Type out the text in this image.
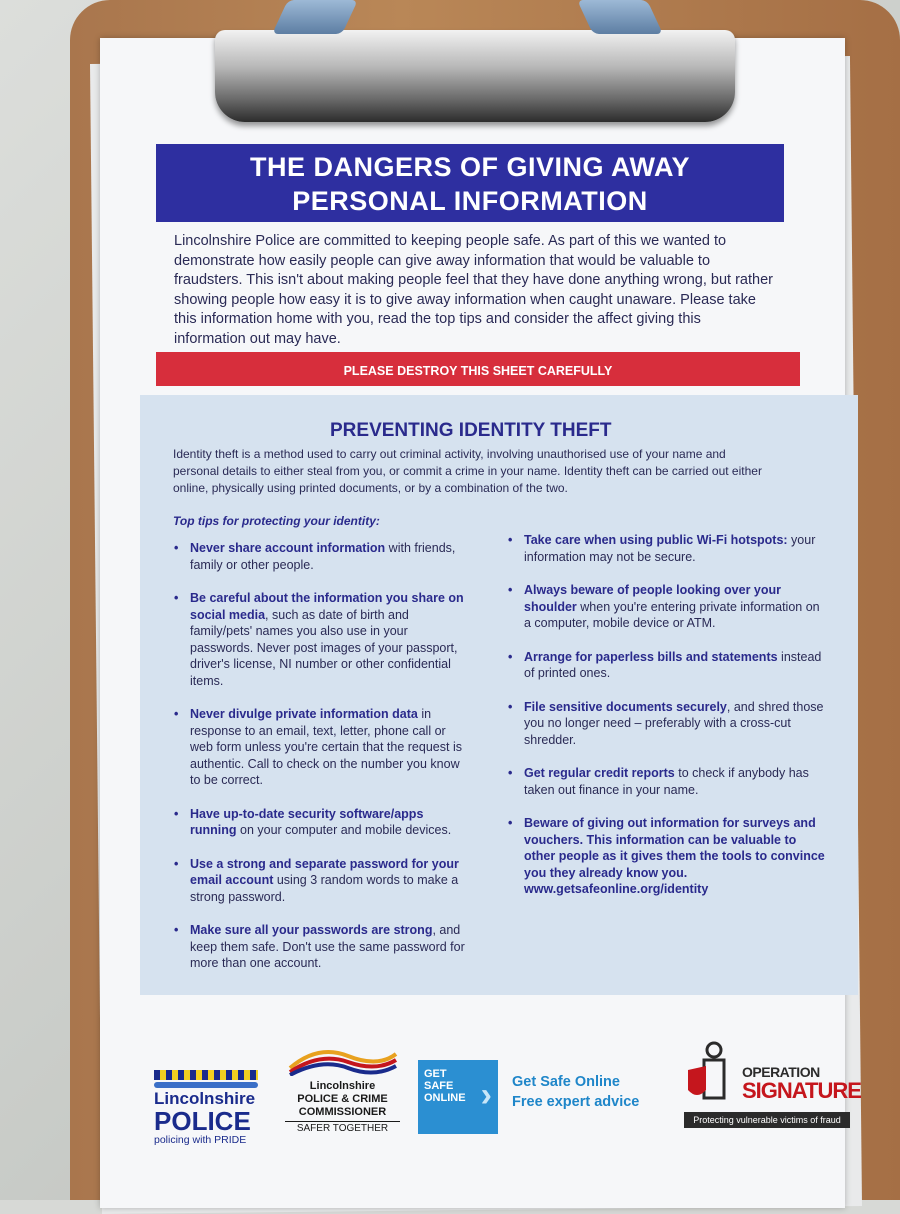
THE DANGERS OF GIVING AWAY
PERSONAL INFORMATION
Lincolnshire Police are committed to keeping people safe. As part of this we wanted to demonstrate how easily people can give away information that would be valuable to fraudsters. This isn't about making people feel that they have done anything wrong, but rather showing people how easy it is to give away information when caught unaware. Please take this information home with you, read the top tips and consider the affect giving this information out may have.
PLEASE DESTROY THIS SHEET CAREFULLY
PREVENTING IDENTITY THEFT
Identity theft is a method used to carry out criminal activity, involving unauthorised use of your name and personal details to either steal from you, or commit a crime in your name. Identity theft can be carried out either online, physically using printed documents, or by a combination of the two.
Top tips for protecting your identity:
• Never share account information with friends, family or other people.
• Be careful about the information you share on social media, such as date of birth and family/pets' names you also use in your passwords. Never post images of your passport, driver's license, NI number or other confidential items.
• Never divulge private information data in response to an email, text, letter, phone call or web form unless you're certain that the request is authentic. Call to check on the number you know to be correct.
• Have up-to-date security software/apps running on your computer and mobile devices.
• Use a strong and separate password for your email account using 3 random words to make a strong password.
• Make sure all your passwords are strong, and keep them safe. Don't use the same password for more than one account.
• Take care when using public Wi-Fi hotspots: your information may not be secure.
• Always beware of people looking over your shoulder when you're entering private information on a computer, mobile device or ATM.
• Arrange for paperless bills and statements instead of printed ones.
• File sensitive documents securely, and shred those you no longer need – preferably with a cross-cut shredder.
• Get regular credit reports to check if anybody has taken out finance in your name.
• Beware of giving out information for surveys and vouchers. This information can be valuable to other people as it gives them the tools to convince you they already know you. www.getsafeonline.org/identity
Lincolnshire
POLICE
policing with PRIDE
Lincolnshire
POLICE & CRIME COMMISSIONER
SAFER TOGETHER
GET
SAFE
ONLINE › Get Safe Online
Free expert advice
OPERATION
SIGNATURE
Protecting vulnerable victims of fraud
